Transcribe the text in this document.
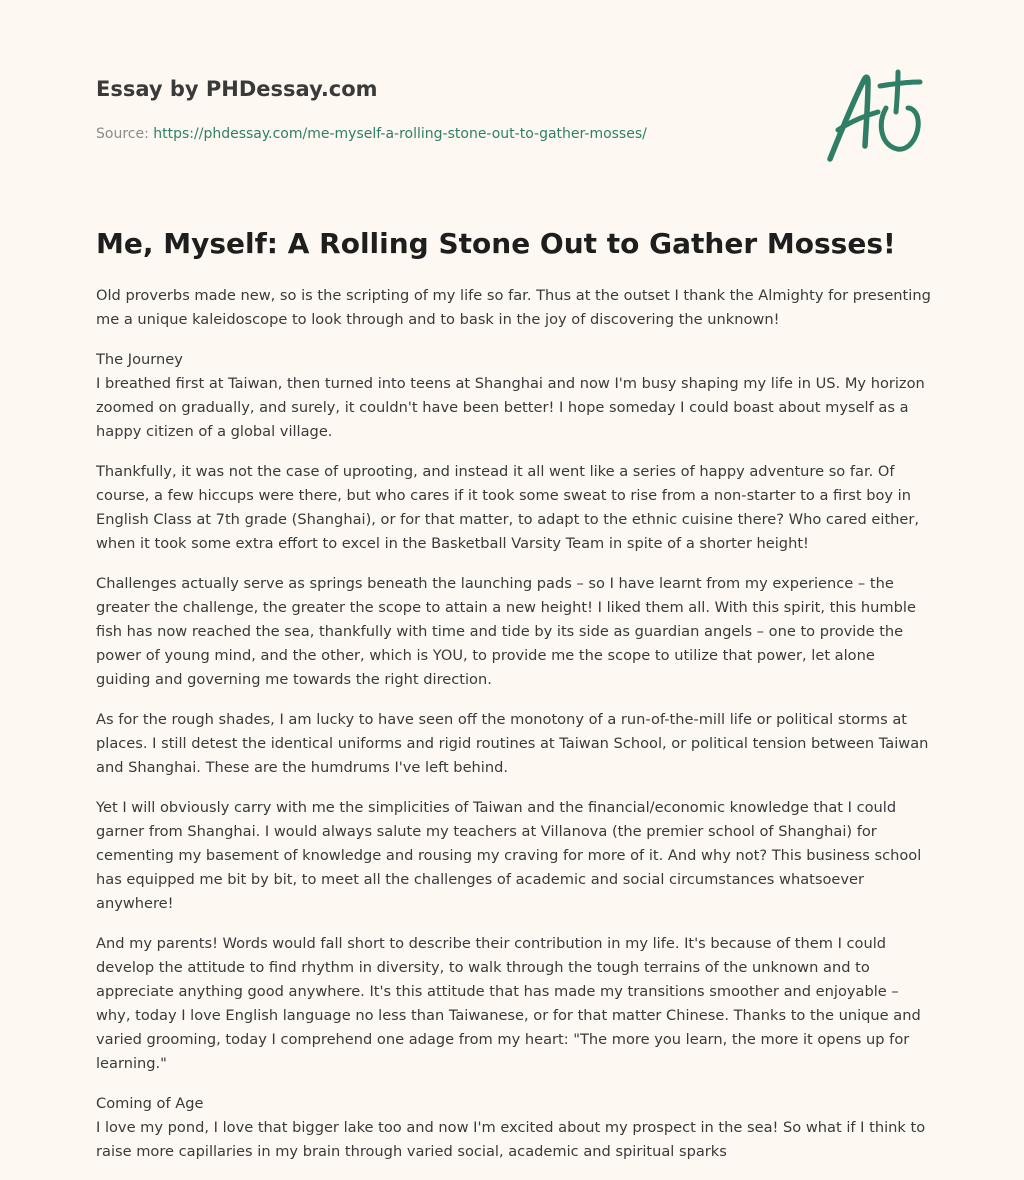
Essay by PHDessay.com
Source: https://phdessay.com/me-myself-a-rolling-stone-out-to-gather-mosses/
Me, Myself: A Rolling Stone Out to Gather Mosses!

Old proverbs made new, so is the scripting of my life so far. Thus at the outset I thank the Almighty for presenting me a unique kaleidoscope to look through and to bask in the joy of discovering the unknown!

The Journey
I breathed first at Taiwan, then turned into teens at Shanghai and now I'm busy shaping my life in US. My horizon zoomed on gradually, and surely, it couldn't have been better! I hope someday I could boast about myself as a happy citizen of a global village.

Thankfully, it was not the case of uprooting, and instead it all went like a series of happy adventure so far. Of course, a few hiccups were there, but who cares if it took some sweat to rise from a non-starter to a first boy in English Class at 7th grade (Shanghai), or for that matter, to adapt to the ethnic cuisine there? Who cared either, when it took some extra effort to excel in the Basketball Varsity Team in spite of a shorter height!

Challenges actually serve as springs beneath the launching pads – so I have learnt from my experience – the greater the challenge, the greater the scope to attain a new height! I liked them all. With this spirit, this humble fish has now reached the sea, thankfully with time and tide by its side as guardian angels – one to provide the power of young mind, and the other, which is YOU, to provide me the scope to utilize that power, let alone guiding and governing me towards the right direction.

As for the rough shades, I am lucky to have seen off the monotony of a run-of-the-mill life or political storms at places. I still detest the identical uniforms and rigid routines at Taiwan School, or political tension between Taiwan and Shanghai. These are the humdrums I've left behind.

Yet I will obviously carry with me the simplicities of Taiwan and the financial/economic knowledge that I could garner from Shanghai. I would always salute my teachers at Villanova (the premier school of Shanghai) for cementing my basement of knowledge and rousing my craving for more of it. And why not? This business school has equipped me bit by bit, to meet all the challenges of academic and social circumstances whatsoever anywhere!

And my parents! Words would fall short to describe their contribution in my life. It's because of them I could develop the attitude to find rhythm in diversity, to walk through the tough terrains of the unknown and to appreciate anything good anywhere. It's this attitude that has made my transitions smoother and enjoyable – why, today I love English language no less than Taiwanese, or for that matter Chinese. Thanks to the unique and varied grooming, today I comprehend one adage from my heart: "The more you learn, the more it opens up for learning."

Coming of Age
I love my pond, I love that bigger lake too and now I'm excited about my prospect in the sea! So what if I think to raise more capillaries in my brain through varied social, academic and spiritual sparks
